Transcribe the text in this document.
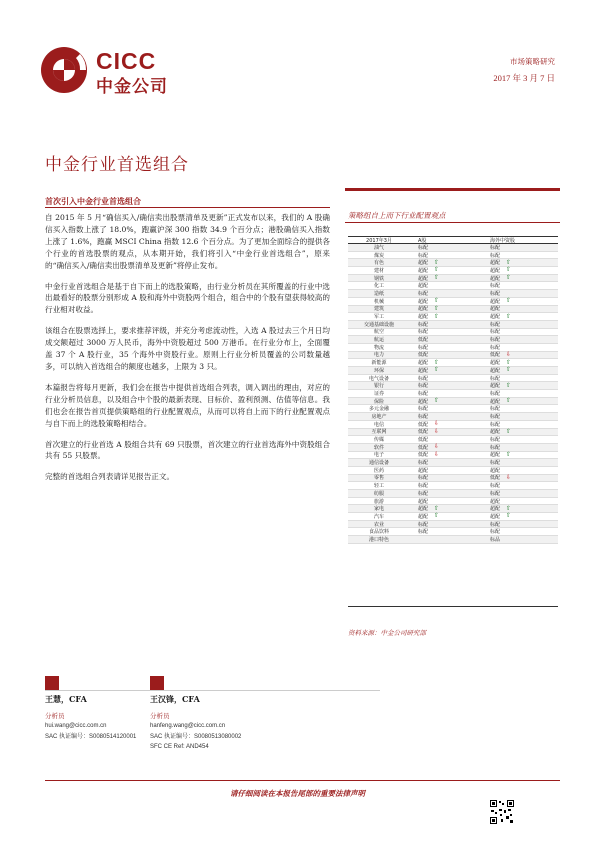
CICC
中金公司
市场策略研究
2017 年 3 月 7 日
中金行业首选组合
首次引入中金行业首选组合

自 2015 年 5 月“确信买入/确信卖出股票清单及更新”正式发布以来，我们的 A 股确信买入指数上涨了 18.0%，跑赢沪深 300 指数 34.9 个百分点；港股确信买入指数上涨了 1.6%，跑赢 MSCI China 指数 12.6 个百分点。为了更加全面综合的提供各个行业的首选股票的观点，从本期开始，我们将引入“中金行业首选组合”，原来的“确信买入/确信卖出股票清单及更新”将停止发布。

中金行业首选组合是基于自下而上的选股策略，由行业分析员在其所覆盖的行业中选出最看好的股票分别形成 A 股和海外中资股两个组合，组合中的个股有望获得较高的行业相对收益。

该组合在股票选择上，要求推荐评级，并充分考虑流动性，入选 A 股过去三个月日均成交额超过 3000 万人民币，海外中资股超过 500 万港币。在行业分布上，全面覆盖 37 个 A 股行业，35 个海外中资股行业。原则上行业分析员覆盖的公司数量越多，可以纳入首选组合的额度也越多，上限为 3 只。

本篇报告将每月更新，我们会在报告中提供首选组合列表，调入调出的理由，对应的行业分析员信息，以及组合中个股的最新表现、目标价、盈利预测、估值等信息。我们也会在报告首页提供策略组的行业配置观点，从而可以将自上而下的行业配置观点与自下而上的选股策略相结合。

首次建立的行业首选 A 股组合共有 69 只股票，首次建立的行业首选海外中资股组合共有 55 只股票。

完整的首选组合列表请详见报告正文。

策略组自上而下行业配置观点
2017年3月	A股	海外中资股
油气	标配	标配
煤炭	标配	标配
有色	超配 ⇧	超配 ⇧
建材	超配 ⇧	超配 ⇧
钢铁	超配 ⇧	超配 ⇧
化工	超配	标配
造纸	标配	标配
机械	超配 ⇧	超配 ⇧
建筑	超配 ⇧	超配
军工	超配 ⇧	超配 ⇧
交通基础设施	标配	标配
航空	标配	标配
航运	低配	标配
物流	标配	标配
电力	低配	低配 ⇩
新能源	超配 ⇧	超配 ⇧
环保	超配 ⇧	超配 ⇧
电气设备	标配	标配
银行	标配	超配 ⇧
证券	标配	标配
保险	超配 ⇧	超配 ⇧
多元金融	标配	标配
房地产	标配	标配
电信	低配 ⇩	标配
互联网	低配 ⇩	超配 ⇧
传媒	低配	标配
软件	低配 ⇩	标配
电子	低配 ⇩	超配 ⇧
通信设备	标配	标配
医药	超配	超配
零售	标配	低配 ⇩
轻工	标配	标配
纺服	标配	标配
旅游	超配	超配
家电	超配 ⇧	超配 ⇧
汽车	超配 ⇧	超配 ⇧
农业	标配	标配
食品饮料	标配	标配
港口特色	标品
资料来源：中金公司研究部
王慧，CFA
分析员
hui.wang@cicc.com.cn
SAC 执证编号：S0080514120001
王汉锋，CFA
分析员
hanfeng.wang@cicc.com.cn
SAC 执证编号：S0080513080002
SFC CE Ref: AND454
请仔细阅读在本报告尾部的重要法律声明
